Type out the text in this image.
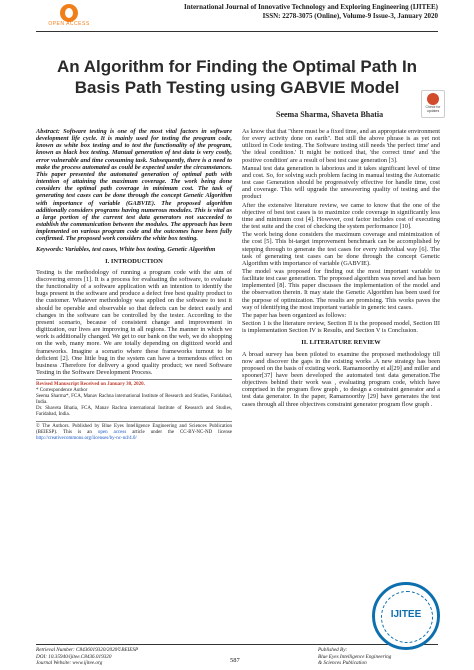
OPEN ACCESS
International Journal of Innovative Technology and Exploring Engineering (IJITEE)
ISSN: 2278-3075 (Online), Volume-9 Issue-3, January 2020
An Algorithm for Finding the Optimal Path In Basis Path Testing using GABVIE Model
Check for
updates
Seema Sharma, Shaveta Bhatia

Abstract: Software testing is one of the most vital factors in software development life cycle. It is mainly used for testing the program code, known as white box testing and to test the functionality of the program, known as black box testing. Manual generation of test data is very costly, error vulnerable and time consuming task. Subsequently, there is a need to make the process automated as could be expected under the circumstances. This paper presented the automated generation of optimal path with intention of attaining the maximum coverage. The work being done considers the optimal path coverage in minimum cost. The task of generating test cases can be done through the concept Genetic Algorithm with importance of variable (GABVIE). The proposed algorithm additionally considers programs having numerous modules. This is vital as a large portion of the current test data generators not succeeded to establish the communication between the modules. The approach has been implemented on various program code and the outcomes have been fully confirmed. The proposed work considers the white box testing.

Keywords: Variables, test cases, White box testing, Genetic Algorithm

I. INTRODUCTION

Testing is the methodology of running a program code with the aim of discovering errors [1]. It is a process for evaluating the software, to evaluate the functionality of a software application with an intention to identify the bugs present in the software and produce a defect free best quality product to the customer. Whatever methodology was applied on the software to test it should be operable and observable so that defects can be detect easily and changes in the software can be controlled by the tester. According to the present scenario, because of consistent change and improvement in digitization, our lives are improving in all regions. The manner in which we work is additionally changed. We get to our bank on the web, we do shopping on the web, many more. We are totally depending on digitized world and frameworks. Imagine a scenario where these frameworks turnout to be deficient [2]. One little bug in the system can have a tremendous effect on business .Therefore for delivery a good quality product; we need Software Testing in the Software Development Process.

Revised Manuscript Received on January 30, 2020.
* Correspondence Author
Seema Sharma*, FCA, Manav Rachna international Institute of Research and Studies, Faridabad, India.
Dr. Shaveta Bhatia, FCA, Manav Rachna international Institute of Research and Studies, Faridabad, India.
© The Authors. Published by Blue Eyes Intelligence Engineering and Sciences Publication (BEIESP). This is an open access article under the CC-BY-NC-ND license http://creativecommons.org/licenses/by-nc-nd/4.0/

As know that that "there must be a fixed time, and an appropriate environment for every activity done on earth". But still the above phrase is as yet not utilized in Code testing. The Software testing still needs 'the perfect time' and 'the ideal condition.' It might be noticed that, 'the correct time' and 'the positive condition' are a result of best test case generation [3].

Manual test data generation is laborious and it takes significant level of time and cost. So, for solving such problem facing in manual testing the Automatic test case Generation should be progressively effective for handle time, cost and coverage. This will upgrade the unwavering quality of testing and the product

After the extensive literature review, we came to know that the one of the objective of best test cases is to maximize code coverage in significantly less time and minimum cost [4]. However, cost factor includes cost of executing the test suite and the cost of checking the system performance [10].

The work being done considers the maximum coverage and minimization of the cost [5]. This bi-target improvement benchmark can be accomplished by stepping through to generate the test cases for every individual way [6]. The task of generating test cases can be done through the concept Genetic Algorithm with importance of variable (GABVIE).

The model was proposed for finding out the most important variable to facilitate test case generation. The proposed algorithm was novel and has been implemented [8]. This paper discusses the implementation of the model and the observation therein. It may state the Genetic Algorithm has been used for the purpose of optimization. The results are promising. This works paves the way of identifying the most important variable in generic test cases.

The paper has been organized as follows:

Section 1 is the literature review, Section II is the proposed model, Section III is implementation Section IV is Results, and Section V is Conclusion.

II. LITERATURE REVIEW

A broad survey has been piloted to examine the proposed methodology till now and discover the gaps in the existing works .A new strategy has been proposed on the basis of existing work. Ramamoorthy et al[29] and miller and spooner[37] have been developed the automated test data generation.The objectives behind their work was , evaluating program code, which have comprised in the program flow graph , to design a constraint generator and a test data generator. In the paper, Ramamoorthy [29] have generates the test cases through all three objectives constraint generator program flow graph .

Retrieval Number: C8436019320/2020©BEIESP
DOI: 10.35940/ijitee.C8436.019320
Journal Website: www.ijitee.org	587
Published By:
Blue Eyes Intelligence Engineering
& Sciences Publication
IJITEE
